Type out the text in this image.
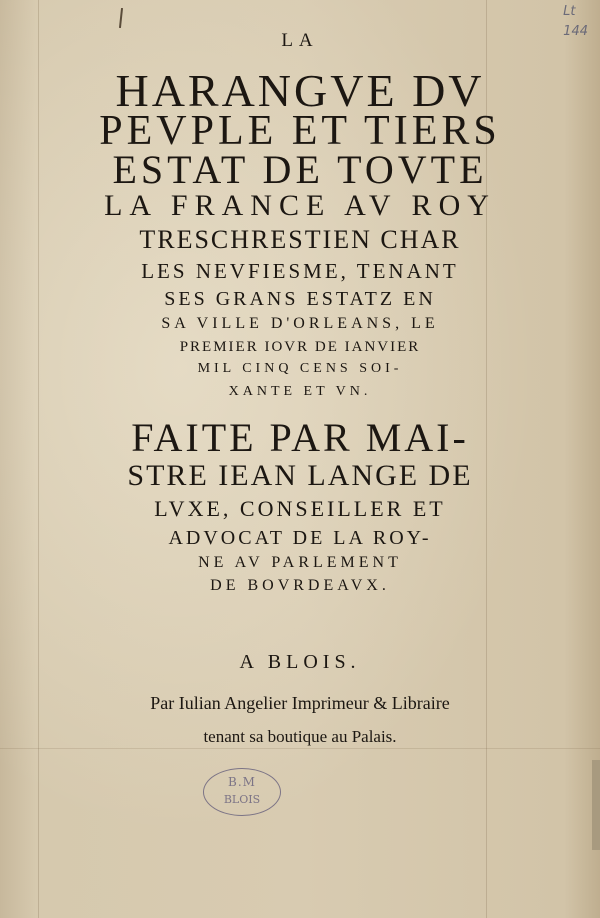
Lt
144
LA
HARANGVE DV
PEVPLE ET TIERS
ESTAT DE TOVTE
LA FRANCE AV ROY
TRESCHRESTIEN CHAR
LES NEVFIESME, TENANT
SES GRANS ESTATZ EN
SA VILLE D'ORLEANS, LE
PREMIER IOVR DE IANVIER
MIL CINQ CENS SOI-
XANTE ET VN.
FAITE PAR MAI-
STRE IEAN LANGE DE
LVXE, CONSEILLER ET
ADVOCAT DE LA ROY-
NE AV PARLEMENT
DE BOVRDEAVX.
A BLOIS.
Par Iulian Angelier Imprimeur & Libraire
tenant sa boutique au Palais.
B.M
BLOIS
